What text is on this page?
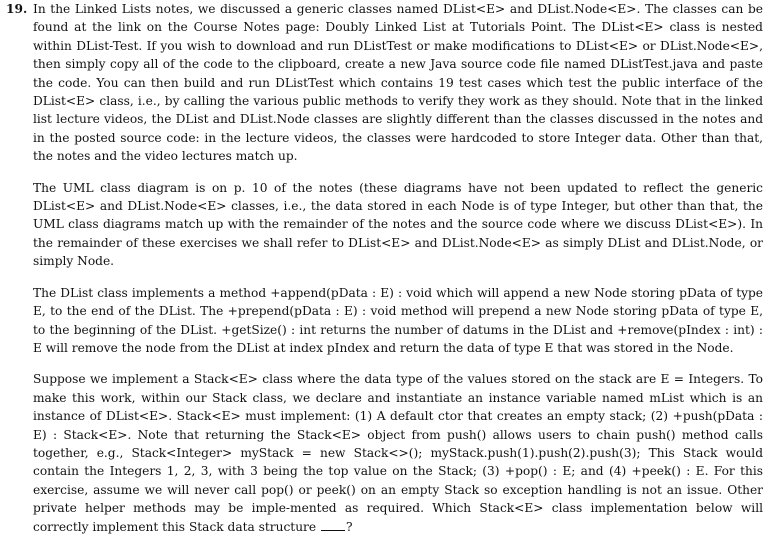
19. In the Linked Lists notes, we discussed a generic classes named DList<E> and DList.Node<E>. The classes can be found at the link on the Course Notes page: Doubly Linked List at Tutorials Point. The DList<E> class is nested within DList-Test. If you wish to download and run DListTest or make modifications to DList<E> or DList.Node<E>, then simply copy all of the code to the clipboard, create a new Java source code file named DListTest.java and paste the code. You can then build and run DListTest which contains 19 test cases which test the public interface of the DList<E> class, i.e., by calling the various public methods to verify they work as they should. Note that in the linked list lecture videos, the DList and DList.Node classes are slightly different than the classes discussed in the notes and in the posted source code: in the lecture videos, the classes were hardcoded to store Integer data. Other than that, the notes and the video lectures match up.

The UML class diagram is on p. 10 of the notes (these diagrams have not been updated to reflect the generic DList<E> and DList.Node<E> classes, i.e., the data stored in each Node is of type Integer, but other than that, the UML class diagrams match up with the remainder of the notes and the source code where we discuss DList<E>). In the remainder of these exercises we shall refer to DList<E> and DList.Node<E> as simply DList and DList.Node, or simply Node.

The DList class implements a method +append(pData : E) : void which will append a new Node storing pData of type E, to the end of the DList. The +prepend(pData : E) : void method will prepend a new Node storing pData of type E, to the beginning of the DList. +getSize() : int returns the number of datums in the DList and +remove(pIndex : int) : E will remove the node from the DList at index pIndex and return the data of type E that was stored in the Node.

Suppose we implement a Stack<E> class where the data type of the values stored on the stack are E = Integers. To make this work, within our Stack class, we declare and instantiate an instance variable named mList which is an instance of DList<E>. Stack<E> must implement: (1) A default ctor that creates an empty stack; (2) +push(pData : E) : Stack<E>. Note that returning the Stack<E> object from push() allows users to chain push() method calls together, e.g., Stack<Integer> myStack = new Stack<>(); myStack.push(1).push(2).push(3); This Stack would contain the Integers 1, 2, 3, with 3 being the top value on the Stack; (3) +pop() : E; and (4) +peek() : E. For this exercise, assume we will never call pop() or peek() on an empty Stack so exception handling is not an issue. Other private helper methods may be imple-mented as required. Which Stack<E> class implementation below will correctly implement this Stack data structure ?
